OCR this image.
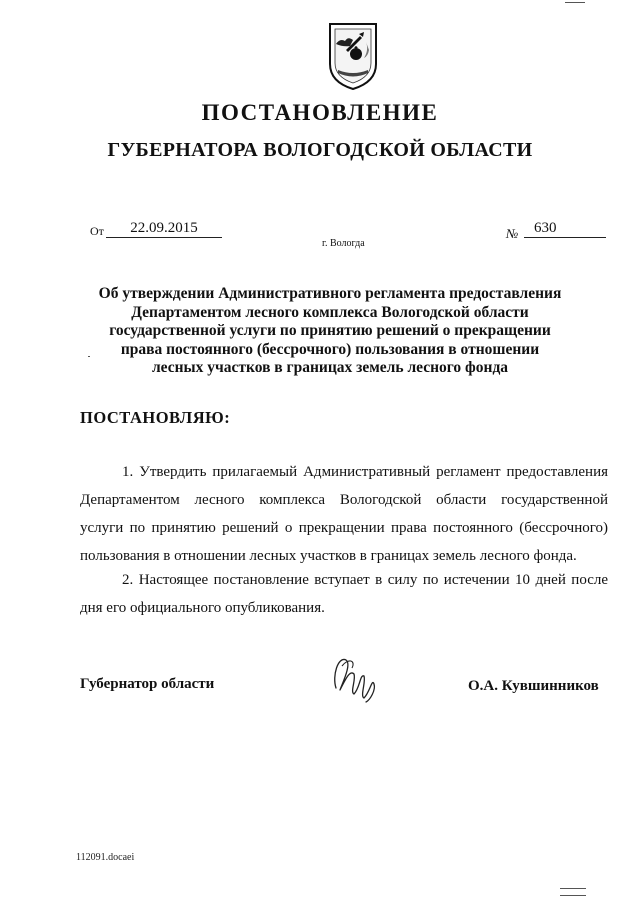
ПОСТАНОВЛЕНИЕ
ГУБЕРНАТОРА ВОЛОГОДСКОЙ ОБЛАСТИ
От	22.09.2015	№	630
г. Вологда
Об утверждении Административного регламента предоставления
Департаментом лесного комплекса Вологодской области
государственной услуги по принятию решений о прекращении
права постоянного (бессрочного) пользования в отношении
лесных участков в границах земель лесного фонда
ПОСТАНОВЛЯЮ:
1. Утвердить прилагаемый Административный регламент предоставления
Департаментом лесного комплекса Вологодской области государственной
услуги по принятию решений о прекращении права постоянного (бессрочного)
пользования в отношении лесных участков в границах земель лесного фонда.
2. Настоящее постановление вступает в силу по истечении 10 дней после
дня его официального опубликования.
Губернатор области	О.А. Кувшинников
112091.docaei
